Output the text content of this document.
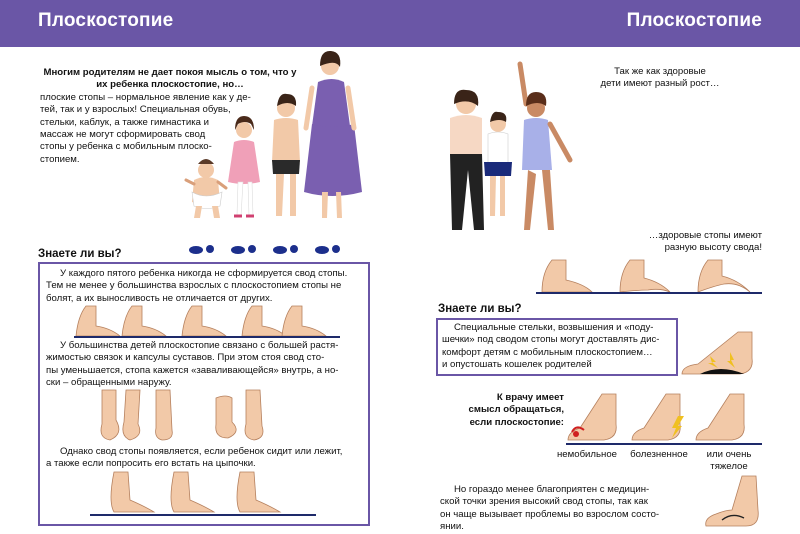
Плоскостопие	Плоскостопие
Многим родителям не дает покоя мысль о том, что у их ребенка плоскостопие, но…
плоские стопы – нормальное явление как у де-
тей, так и у взрослых! Специальная обувь,
стельки, каблук, а также гимнастика и
массаж не могут сформировать свод
стопы у ребенка с мобильным плоско-
стопием.
Знаете ли вы?
У каждого пятого ребенка никогда не сформируется свод стопы.
Тем не менее у большинства взрослых с плоскостопием стопы не
болят, а их выносливость не отличается от других.
У большинства детей плоскостопие связано с большей растя-
жимостью связок и капсулы суставов. При этом стоя свод сто-
пы уменьшается, стопа кажется «заваливающейся» внутрь, а но-
ски – обращенными наружу.
Однако свод стопы появляется, если ребенок сидит или лежит,
а также если попросить его встать на цыпочки.
Так же как здоровые
дети имеют разный рост…
…здоровые стопы имеют
разную высоту свода!
Знаете ли вы?
Специальные стельки, возвышения и «поду-
шечки» под сводом стопы могут доставлять дис-
комфорт детям с мобильным плоскостопием…
и опустошать кошелек родителей
К врачу имеет
смысл обращаться,
если плоскостопие:
немобильное	болезненное	или очень
тяжелое
Но гораздо менее благоприятен с медицин-
ской точки зрения высокий свод стопы, так как
он чаще вызывает проблемы во взрослом состо-
янии.
